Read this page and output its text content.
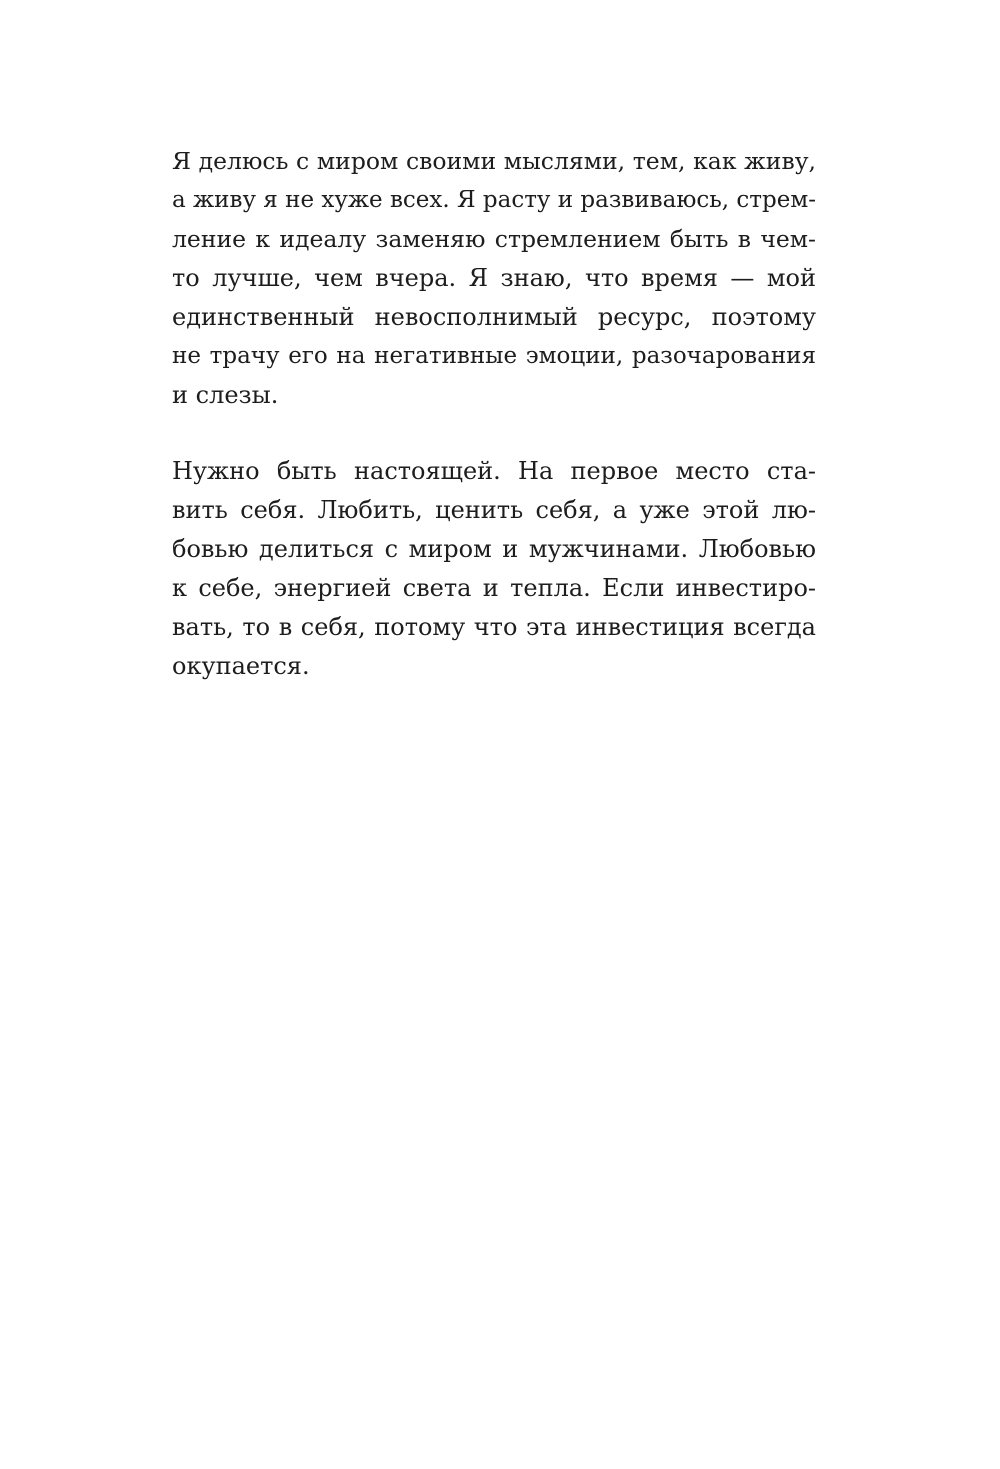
Я делюсь с миром своими мыслями, тем, как живу,
а живу я не хуже всех. Я расту и развиваюсь, стрем-
ление к идеалу заменяю стремлением быть в чем-
то лучше, чем вчера. Я знаю, что время — мой
единственный невосполнимый ресурс, поэтому
не трачу его на негативные эмоции, разочарования
и слезы.

Нужно быть настоящей. На первое место ста-
вить себя. Любить, ценить себя, а уже этой лю-
бовью делиться с миром и мужчинами. Любовью
к себе, энергией света и тепла. Если инвестиро-
вать, то в себя, потому что эта инвестиция всегда
окупается.
